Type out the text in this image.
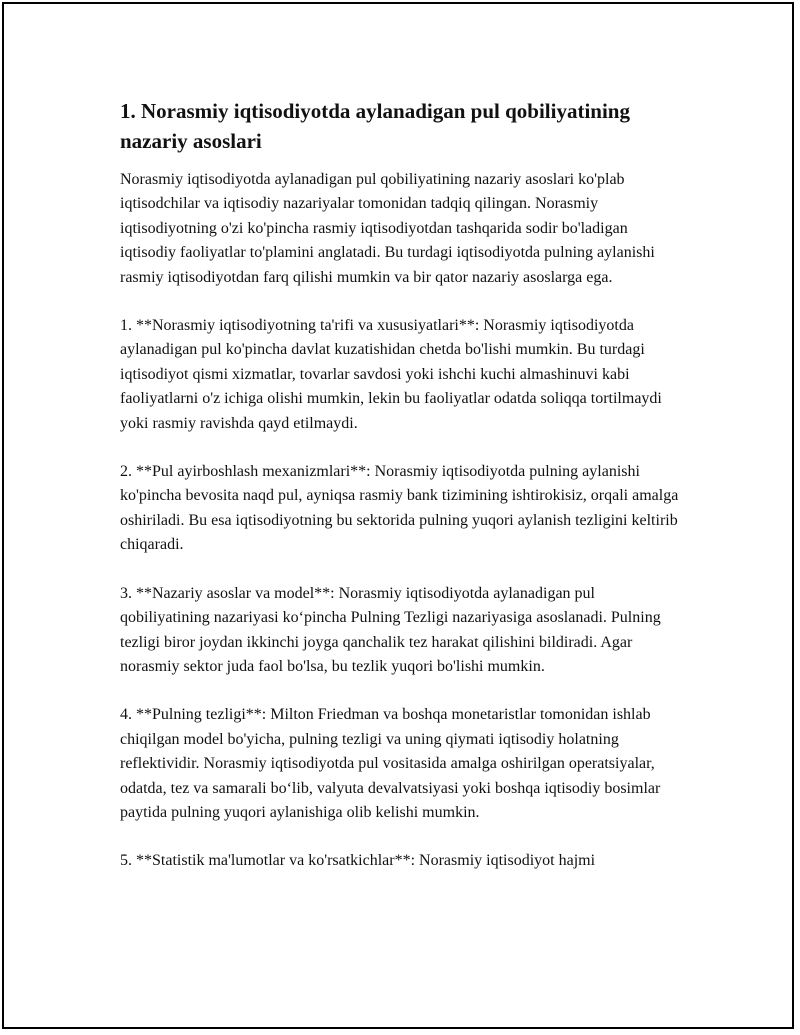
1. Norasmiy iqtisodiyotda aylanadigan pul qobiliyatining nazariy asoslari

Norasmiy iqtisodiyotda aylanadigan pul qobiliyatining nazariy asoslari ko'plab iqtisodchilar va iqtisodiy nazariyalar tomonidan tadqiq qilingan. Norasmiy iqtisodiyotning o'zi ko'pincha rasmiy iqtisodiyotdan tashqarida sodir bo'ladigan iqtisodiy faoliyatlar to'plamini anglatadi. Bu turdagi iqtisodiyotda pulning aylanishi rasmiy iqtisodiyotdan farq qilishi mumkin va bir qator nazariy asoslarga ega.

1. **Norasmiy iqtisodiyotning ta'rifi va xususiyatlari**: Norasmiy iqtisodiyotda aylanadigan pul ko'pincha davlat kuzatishidan chetda bo'lishi mumkin. Bu turdagi iqtisodiyot qismi xizmatlar, tovarlar savdosi yoki ishchi kuchi almashinuvi kabi faoliyatlarni o'z ichiga olishi mumkin, lekin bu faoliyatlar odatda soliqqa tortilmaydi yoki rasmiy ravishda qayd etilmaydi.

2. **Pul ayirboshlash mexanizmlari**: Norasmiy iqtisodiyotda pulning aylanishi ko'pincha bevosita naqd pul, ayniqsa rasmiy bank tizimining ishtirokisiz, orqali amalga oshiriladi. Bu esa iqtisodiyotning bu sektorida pulning yuqori aylanish tezligini keltirib chiqaradi.

3. **Nazariy asoslar va model**: Norasmiy iqtisodiyotda aylanadigan pul qobiliyatining nazariyasi ko‘pincha Pulning Tezligi nazariyasiga asoslanadi. Pulning tezligi biror joydan ikkinchi joyga qanchalik tez harakat qilishini bildiradi. Agar norasmiy sektor juda faol bo'lsa, bu tezlik yuqori bo'lishi mumkin.

4. **Pulning tezligi**: Milton Friedman va boshqa monetaristlar tomonidan ishlab chiqilgan model bo'yicha, pulning tezligi va uning qiymati iqtisodiy holatning reflektividir. Norasmiy iqtisodiyotda pul vositasida amalga oshirilgan operatsiyalar, odatda, tez va samarali bo‘lib, valyuta devalvatsiyasi yoki boshqa iqtisodiy bosimlar paytida pulning yuqori aylanishiga olib kelishi mumkin.

5. **Statistik ma'lumotlar va ko'rsatkichlar**: Norasmiy iqtisodiyot hajmi
